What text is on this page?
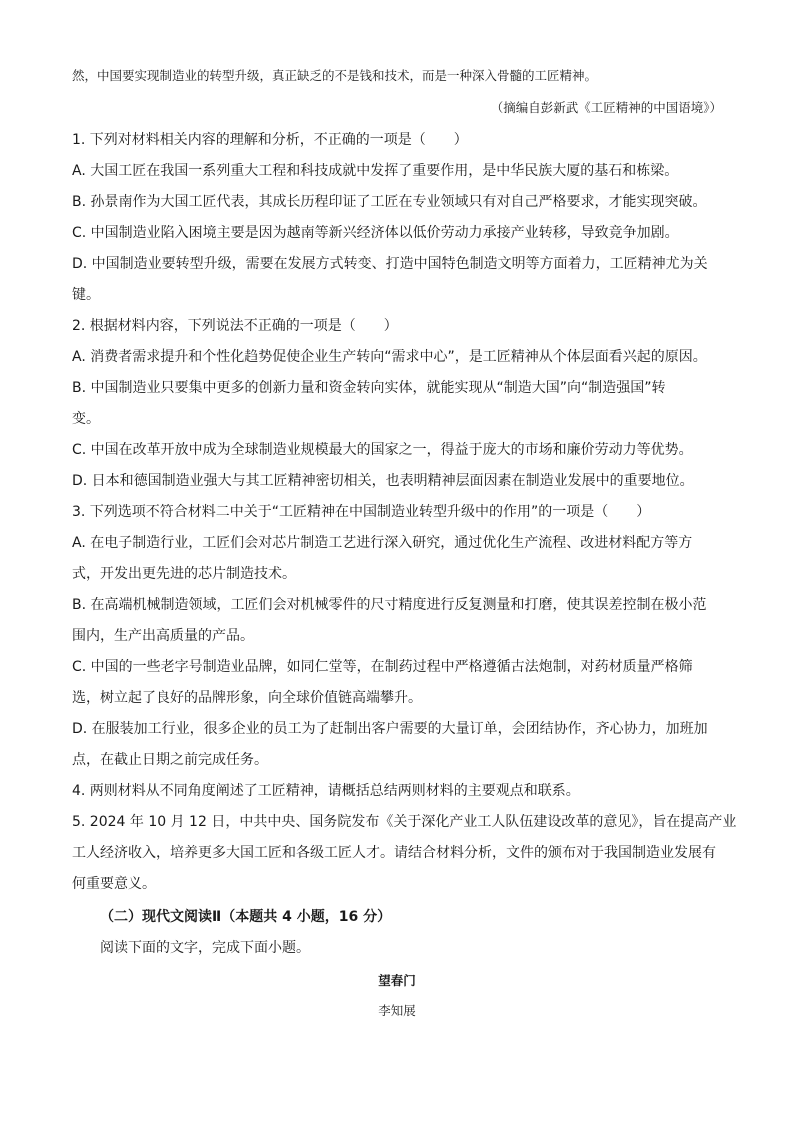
然，中国要实现制造业的转型升级，真正缺乏的不是钱和技术，而是一种深入骨髓的工匠精神。
（摘编自彭新武《工匠精神的中国语境》）
1. 下列对材料相关内容的理解和分析，不正确的一项是（　　）
A. 大国工匠在我国一系列重大工程和科技成就中发挥了重要作用，是中华民族大厦的基石和栋梁。
B. 孙景南作为大国工匠代表，其成长历程印证了工匠在专业领域只有对自己严格要求，才能实现突破。
C. 中国制造业陷入困境主要是因为越南等新兴经济体以低价劳动力承接产业转移，导致竞争加剧。
D. 中国制造业要转型升级，需要在发展方式转变、打造中国特色制造文明等方面着力，工匠精神尤为关
键。
2. 根据材料内容，下列说法不正确的一项是（　　）
A. 消费者需求提升和个性化趋势促使企业生产转向“需求中心”，是工匠精神从个体层面看兴起的原因。
B. 中国制造业只要集中更多的创新力量和资金转向实体，就能实现从“制造大国”向“制造强国”转
变。
C. 中国在改革开放中成为全球制造业规模最大的国家之一，得益于庞大的市场和廉价劳动力等优势。
D. 日本和德国制造业强大与其工匠精神密切相关，也表明精神层面因素在制造业发展中的重要地位。
3. 下列选项不符合材料二中关于“工匠精神在中国制造业转型升级中的作用”的一项是（　　）
A. 在电子制造行业，工匠们会对芯片制造工艺进行深入研究，通过优化生产流程、改进材料配方等方
式，开发出更先进的芯片制造技术。
B. 在高端机械制造领域，工匠们会对机械零件的尺寸精度进行反复测量和打磨，使其误差控制在极小范
围内，生产出高质量的产品。
C. 中国的一些老字号制造业品牌，如同仁堂等，在制药过程中严格遵循古法炮制，对药材质量严格筛
选，树立起了良好的品牌形象，向全球价值链高端攀升。
D. 在服装加工行业，很多企业的员工为了赶制出客户需要的大量订单，会团结协作，齐心协力，加班加
点，在截止日期之前完成任务。
4. 两则材料从不同角度阐述了工匠精神，请概括总结两则材料的主要观点和联系。
5. 2024 年 10 月 12 日，中共中央、国务院发布《关于深化产业工人队伍建设改革的意见》，旨在提高产业
工人经济收入，培养更多大国工匠和各级工匠人才。请结合材料分析，文件的颁布对于我国制造业发展有
何重要意义。
（二）现代文阅读Ⅱ（本题共 4 小题，16 分）
阅读下面的文字，完成下面小题。
望春门
李知展
